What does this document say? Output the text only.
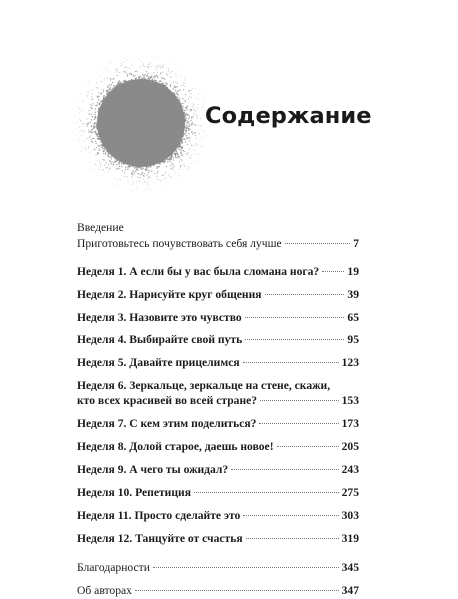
Содержание
Введение
Приготовьтесь почувствовать себя лучше	7
Неделя 1. А если бы у вас была сломана нога? 19
Неделя 2. Нарисуйте круг общения	39
Неделя 3. Назовите это чувство	65
Неделя 4. Выбирайте свой путь	95
Неделя 5. Давайте прицелимся	123
Неделя 6. Зеркальце, зеркальце на стене, скажи,
кто всех красивей во всей стране?	153
Неделя 7. С кем этим поделиться?	173
Неделя 8. Долой старое, даешь новое!	205
Неделя 9. А чего ты ожидал?	243
Неделя 10. Репетиция	275
Неделя 11. Просто сделайте это	303
Неделя 12. Танцуйте от счастья	319
Благодарности	345
Об авторах	347
